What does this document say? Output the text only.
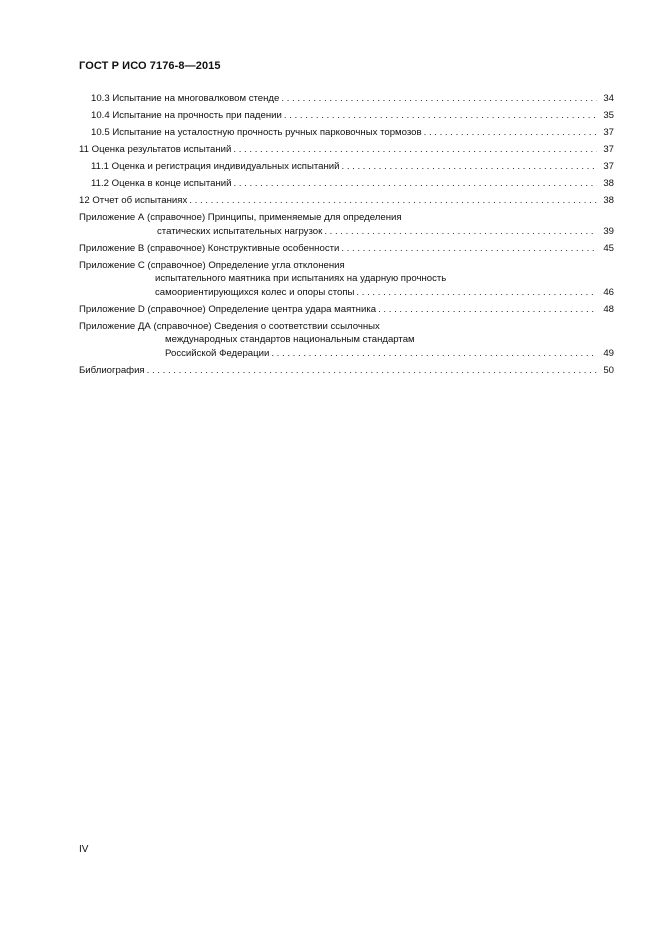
ГОСТ Р ИСО 7176-8—2015
10.3 Испытание на многовалковом стенде . . .	34
10.4 Испытание на прочность при падении . . .	35
10.5 Испытание на усталостную прочность ручных парковочных тормозов . . .	37
11 Оценка результатов испытаний . . .	37
11.1 Оценка и регистрация индивидуальных испытаний . . .	37
11.2 Оценка в конце испытаний . . .	38
12 Отчет об испытаниях . . .	38
Приложение А (справочное) Принципы, применяемые для определения
статических испытательных нагрузок . . .	39
Приложение В (справочное) Конструктивные особенности . . .	45
Приложение С (справочное) Определение угла отклонения
испытательного маятника при испытаниях на ударную прочность
самоориентирующихся колес и опоры стопы . . .	46
Приложение D (справочное) Определение центра удара маятника . . .	48
Приложение ДА (справочное) Сведения о соответствии ссылочных
международных стандартов национальным стандартам
Российской Федерации . . .	49
Библиография . . .	50
IV
